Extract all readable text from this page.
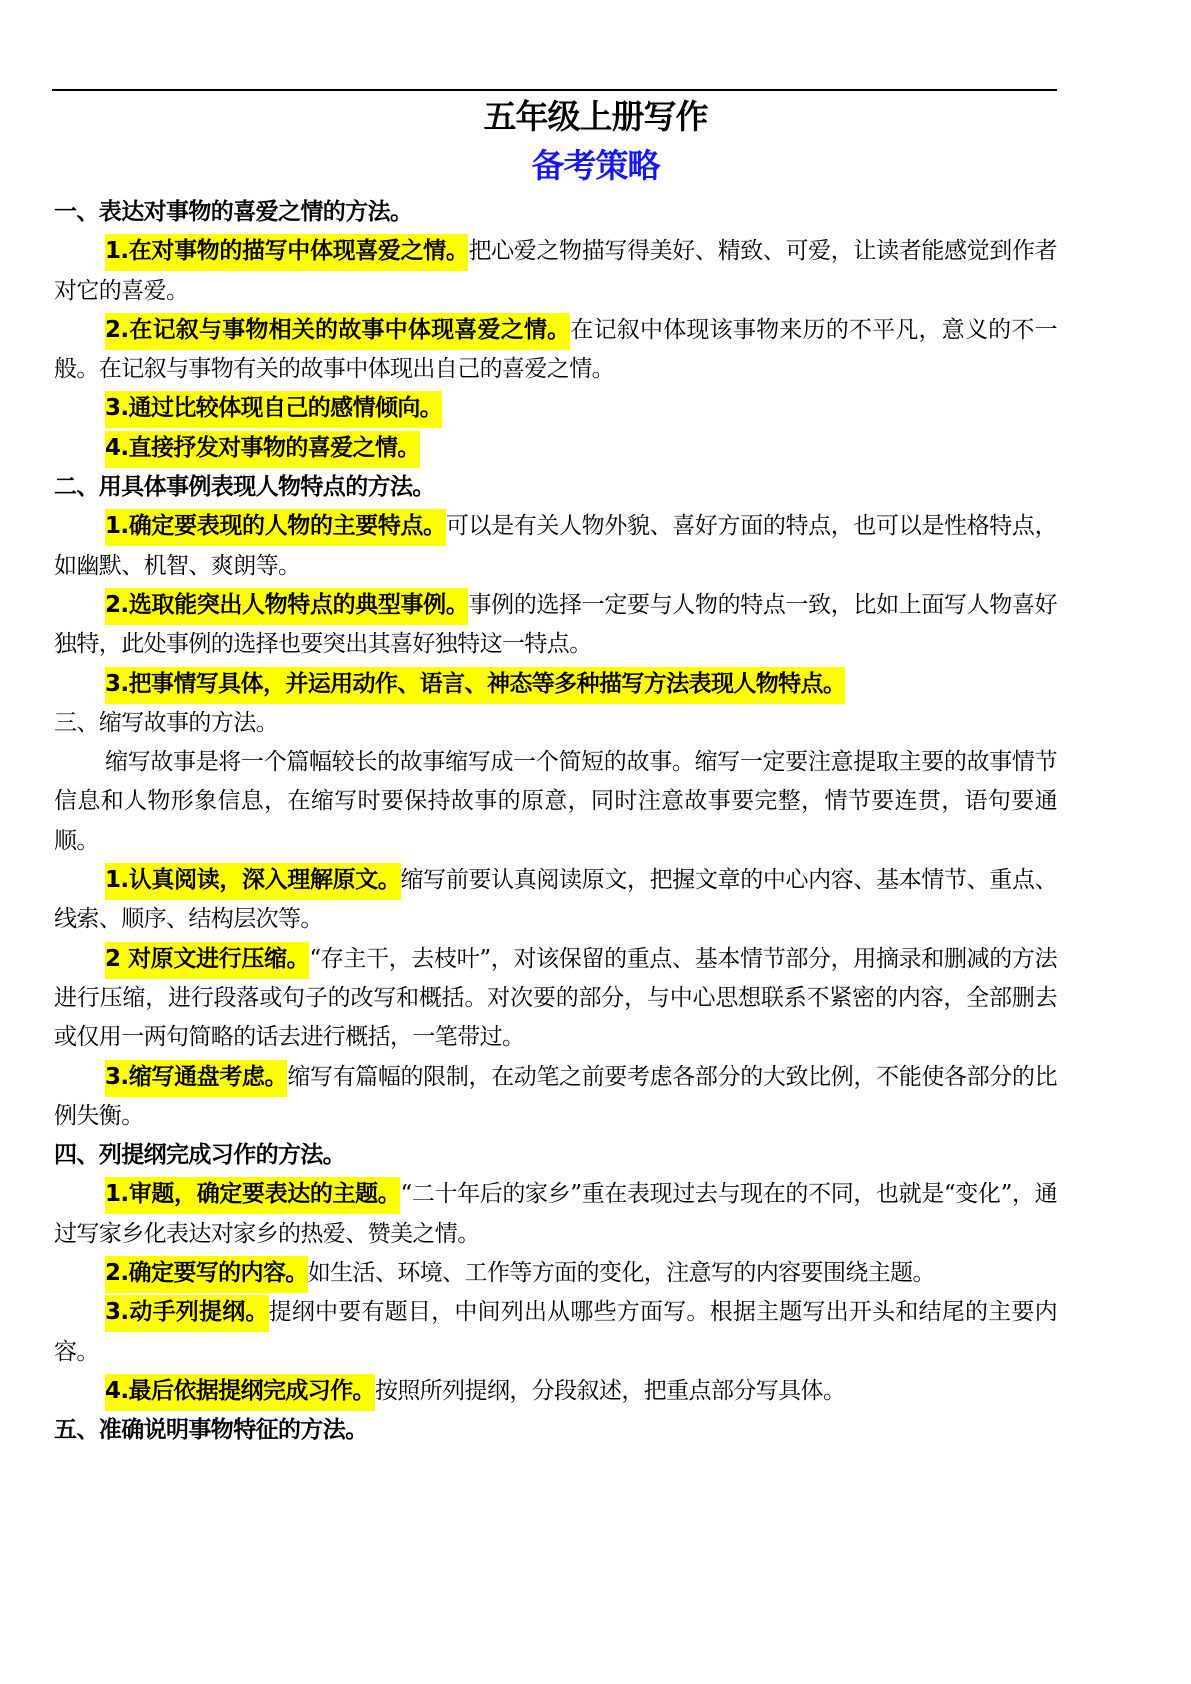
五年级上册写作
备考策略

一、表达对事物的喜爱之情的方法。

1.在对事物的描写中体现喜爱之情。把心爱之物描写得美好、精致、可爱，让读者能感觉到作者对它的喜爱。

2.在记叙与事物相关的故事中体现喜爱之情。在记叙中体现该事物来历的不平凡，意义的不一般。在记叙与事物有关的故事中体现出自己的喜爱之情。

3.通过比较体现自己的感情倾向。

4.直接抒发对事物的喜爱之情。

二、用具体事例表现人物特点的方法。

1.确定要表现的人物的主要特点。可以是有关人物外貌、喜好方面的特点，也可以是性格特点，如幽默、机智、爽朗等。

2.选取能突出人物特点的典型事例。事例的选择一定要与人物的特点一致，比如上面写人物喜好独特，此处事例的选择也要突出其喜好独特这一特点。

3.把事情写具体，并运用动作、语言、神态等多种描写方法表现人物特点。

三、缩写故事的方法。

缩写故事是将一个篇幅较长的故事缩写成一个简短的故事。缩写一定要注意提取主要的故事情节信息和人物形象信息，在缩写时要保持故事的原意，同时注意故事要完整，情节要连贯，语句要通顺。

1.认真阅读，深入理解原文。缩写前要认真阅读原文，把握文章的中心内容、基本情节、重点、线索、顺序、结构层次等。

2 对原文进行压缩。“存主干，去枝叶”，对该保留的重点、基本情节部分，用摘录和删减的方法进行压缩，进行段落或句子的改写和概括。对次要的部分，与中心思想联系不紧密的内容，全部删去或仅用一两句简略的话去进行概括，一笔带过。

3.缩写通盘考虑。缩写有篇幅的限制，在动笔之前要考虑各部分的大致比例，不能使各部分的比例失衡。

四、列提纲完成习作的方法。

1.审题，确定要表达的主题。“二十年后的家乡”重在表现过去与现在的不同，也就是“变化”，通过写家乡化表达对家乡的热爱、赞美之情。

2.确定要写的内容。如生活、环境、工作等方面的变化，注意写的内容要围绕主题。

3.动手列提纲。提纲中要有题目，中间列出从哪些方面写。根据主题写出开头和结尾的主要内容。

4.最后依据提纲完成习作。按照所列提纲，分段叙述，把重点部分写具体。

五、准确说明事物特征的方法。
